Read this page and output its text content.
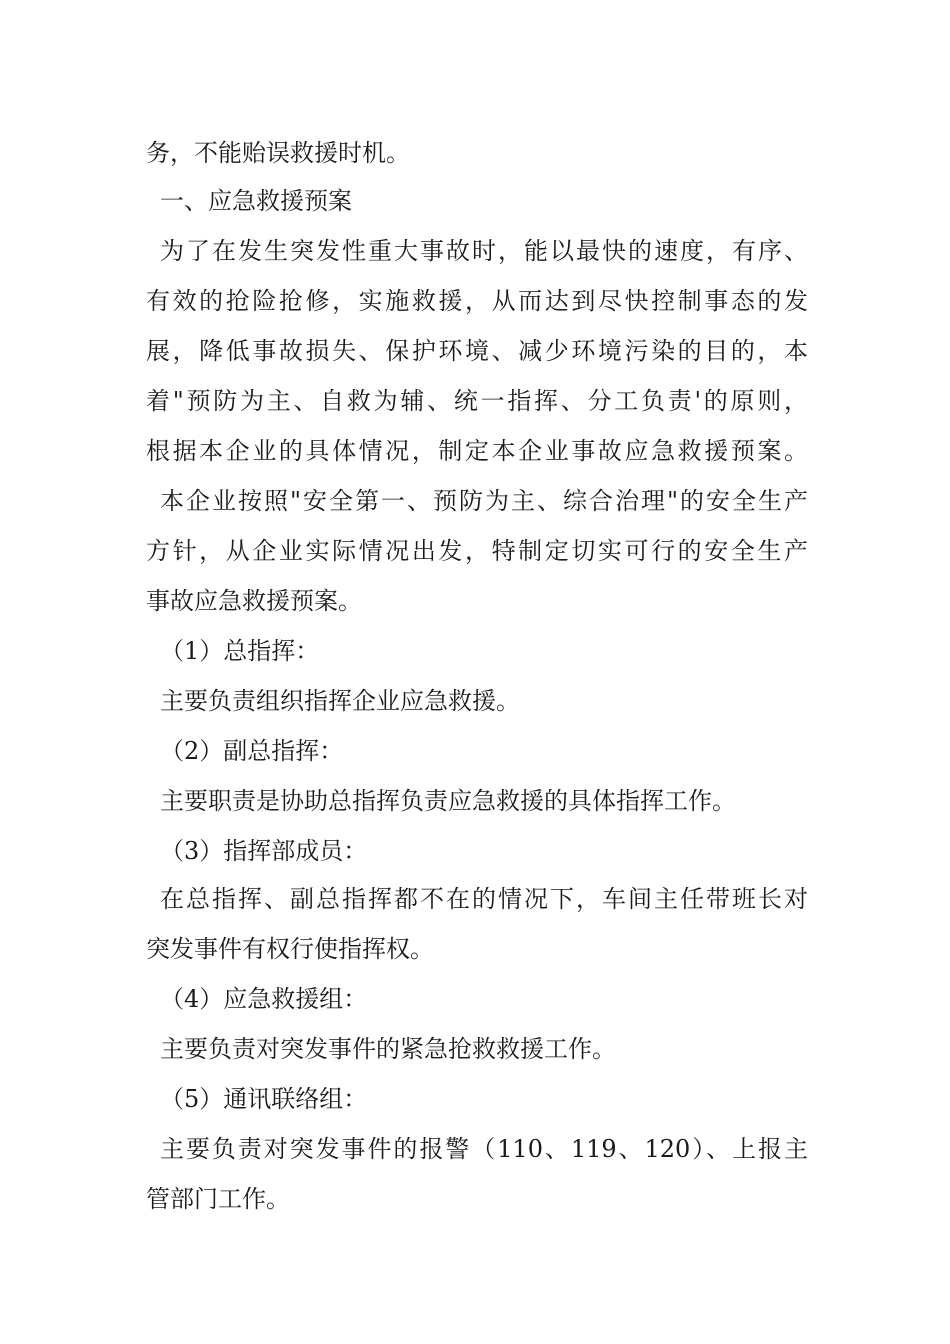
务，不能贻误救援时机。
一、应急救援预案
为了在发生突发性重大事故时，能以最快的速度，有序、
有效的抢险抢修，实施救援，从而达到尽快控制事态的发
展，降低事故损失、保护环境、减少环境污染的目的，本
着"预防为主、自救为辅、统一指挥、分工负责'的原则，
根据本企业的具体情况，制定本企业事故应急救援预案。
本企业按照"安全第一、预防为主、综合治理"的安全生产
方针，从企业实际情况出发，特制定切实可行的安全生产
事故应急救援预案。
（1）总指挥：
主要负责组织指挥企业应急救援。
（2）副总指挥：
主要职责是协助总指挥负责应急救援的具体指挥工作。
（3）指挥部成员：
在总指挥、副总指挥都不在的情况下，车间主任带班长对
突发事件有权行使指挥权。
（4）应急救援组：
主要负责对突发事件的紧急抢救救援工作。
（5）通讯联络组：
主要负责对突发事件的报警（110、119、120）、上报主
管部门工作。
